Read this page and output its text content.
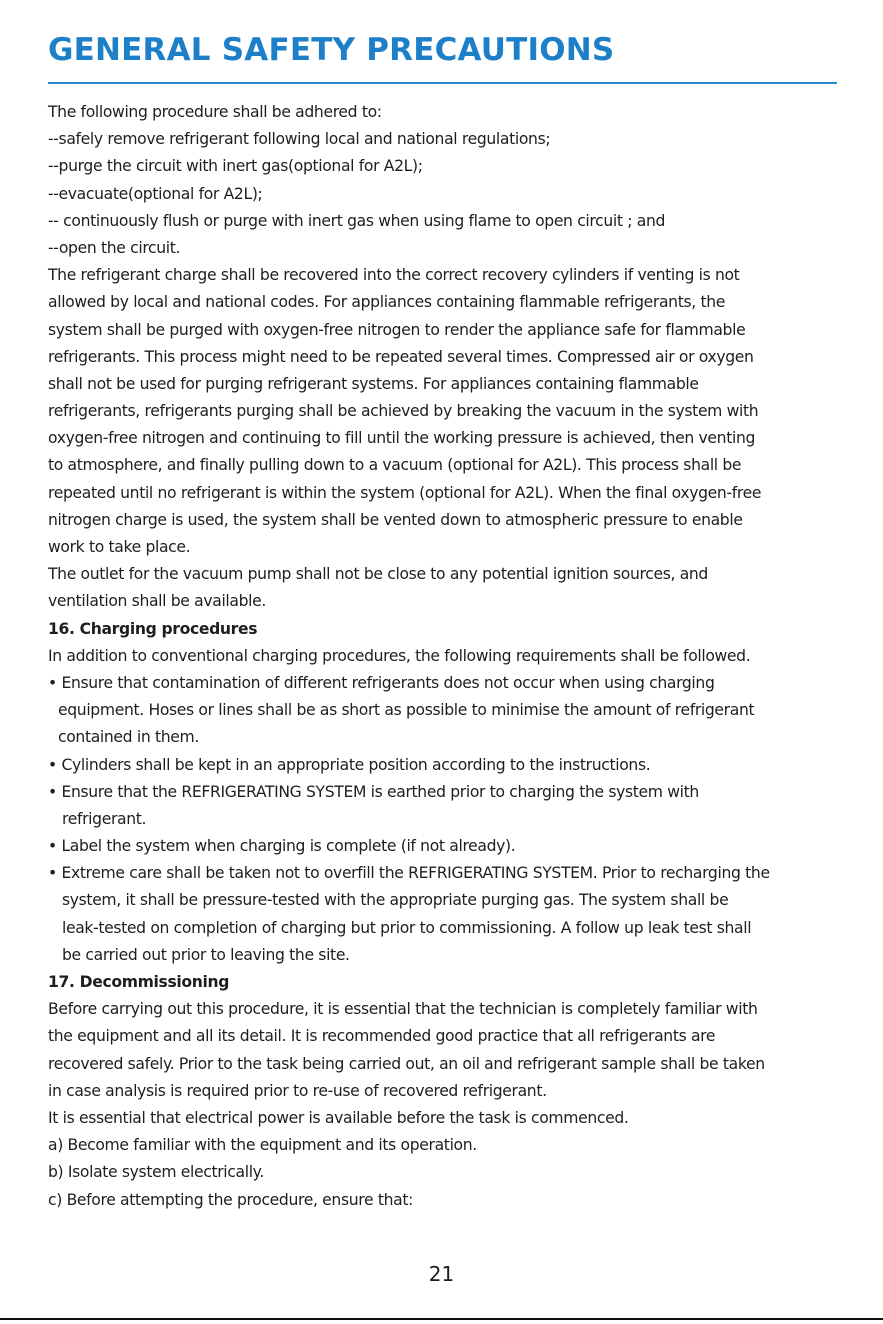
GENERAL SAFETY PRECAUTIONS
The following procedure shall be adhered to:
--safely remove refrigerant following local and national regulations;
--purge the circuit with inert gas(optional for A2L);
--evacuate(optional for A2L);
-- continuously flush or purge with inert gas when using flame to open circuit ; and
--open the circuit.
The refrigerant charge shall be recovered into the correct recovery cylinders if venting is not
allowed by local and national codes. For appliances containing flammable refrigerants, the
system shall be purged with oxygen-free nitrogen to render the appliance safe for flammable
refrigerants. This process might need to be repeated several times. Compressed air or oxygen
shall not be used for purging refrigerant systems. For appliances containing flammable
refrigerants, refrigerants purging shall be achieved by breaking the vacuum in the system with
oxygen-free nitrogen and continuing to fill until the working pressure is achieved, then venting
to atmosphere, and finally pulling down to a vacuum (optional for A2L). This process shall be
repeated until no refrigerant is within the system (optional for A2L). When the final oxygen-free
nitrogen charge is used, the system shall be vented down to atmospheric pressure to enable
work to take place.
The outlet for the vacuum pump shall not be close to any potential ignition sources, and
ventilation shall be available.
16. Charging procedures
In addition to conventional charging procedures, the following requirements shall be followed.
• Ensure that contamination of different refrigerants does not occur when using charging
equipment. Hoses or lines shall be as short as possible to minimise the amount of refrigerant
contained in them.
• Cylinders shall be kept in an appropriate position according to the instructions.
• Ensure that the REFRIGERATING SYSTEM is earthed prior to charging the system with
refrigerant.
• Label the system when charging is complete (if not already).
• Extreme care shall be taken not to overfill the REFRIGERATING SYSTEM. Prior to recharging the
system, it shall be pressure-tested with the appropriate purging gas. The system shall be
leak-tested on completion of charging but prior to commissioning. A follow up leak test shall
be carried out prior to leaving the site.
17. Decommissioning
Before carrying out this procedure, it is essential that the technician is completely familiar with
the equipment and all its detail. It is recommended good practice that all refrigerants are
recovered safely. Prior to the task being carried out, an oil and refrigerant sample shall be taken
in case analysis is required prior to re-use of recovered refrigerant.
It is essential that electrical power is available before the task is commenced.
a) Become familiar with the equipment and its operation.
b) Isolate system electrically.
c) Before attempting the procedure, ensure that:
21
